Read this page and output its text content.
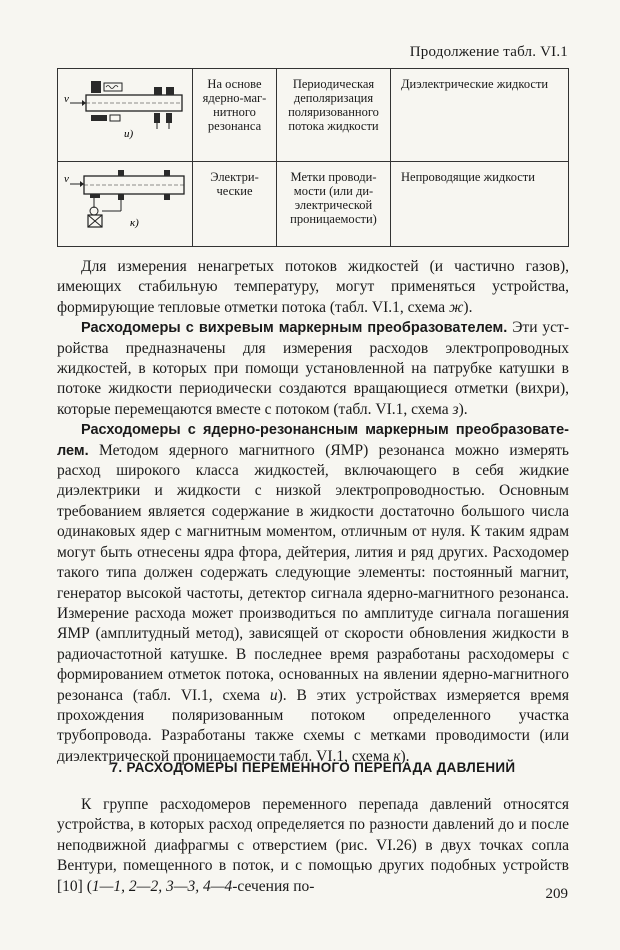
Продолжение табл. VI.1
v
и)	На основе ядерно-магнитного резонанса	Периодическая деполяризация поляризованного потока жидкости	Диэлектрические жидкости

v
к)	Электрические	Метки проводимости (или диэлектрической проницаемости)	Непроводящие жидкости

Для измерения ненагретых потоков жидкостей (и частично газов), имеющих стабильную температуру, могут применяться устройства, формирующие тепловые отметки потока (табл. VI.1, схема ж).

Расходомеры с вихревым маркерным преобразователем. Эти устройства предназначены для измерения расходов электропроводных жидкостей, в которых при помощи установленной на патрубке катушки в потоке жидкости периодически создаются вращающиеся отметки (вихри), которые перемещаются вместе с потоком (табл. VI.1, схема з).

Расходомеры с ядерно-резонансным маркерным преобразователем. Методом ядерного магнитного (ЯМР) резонанса можно измерять расход широкого класса жидкостей, включающего в себя жидкие диэлектрики и жидкости с низкой электропроводностью. Основным требованием является содержание в жидкости достаточно большого числа одинаковых ядер с магнитным моментом, отличным от нуля. К таким ядрам могут быть отнесены ядра фтора, дейтерия, лития и ряд других. Расходомер такого типа должен содержать следующие элементы: постоянный магнит, генератор высокой частоты, детектор сигнала ядерно-магнитного резонанса. Измерение расхода может производиться по амплитуде сигнала погашения ЯМР (амплитудный метод), зависящей от скорости обновления жидкости в радиочастотной катушке. В последнее время разработаны расходомеры с формированием отметок потока, основанных на явлении ядерно-магнитного резонанса (табл. VI.1, схема и). В этих устройствах измеряется время прохождения поляризованным потоком определенного участка трубопровода. Разработаны также схемы с метками проводимости (или диэлектрической проницаемости табл. VI.1, схема к).

7. РАСХОДОМЕРЫ ПЕРЕМЕННОГО ПЕРЕПАДА ДАВЛЕНИЙ

К группе расходомеров переменного перепада давлений относятся устройства, в которых расход определяется по разности давлений до и после неподвижной диафрагмы с отверстием (рис. VI.26) в двух точках сопла Вентури, помещенного в поток, и с помощью других подобных устройств [10] (1—1, 2—2, 3—3, 4—4-сечения по-	209
